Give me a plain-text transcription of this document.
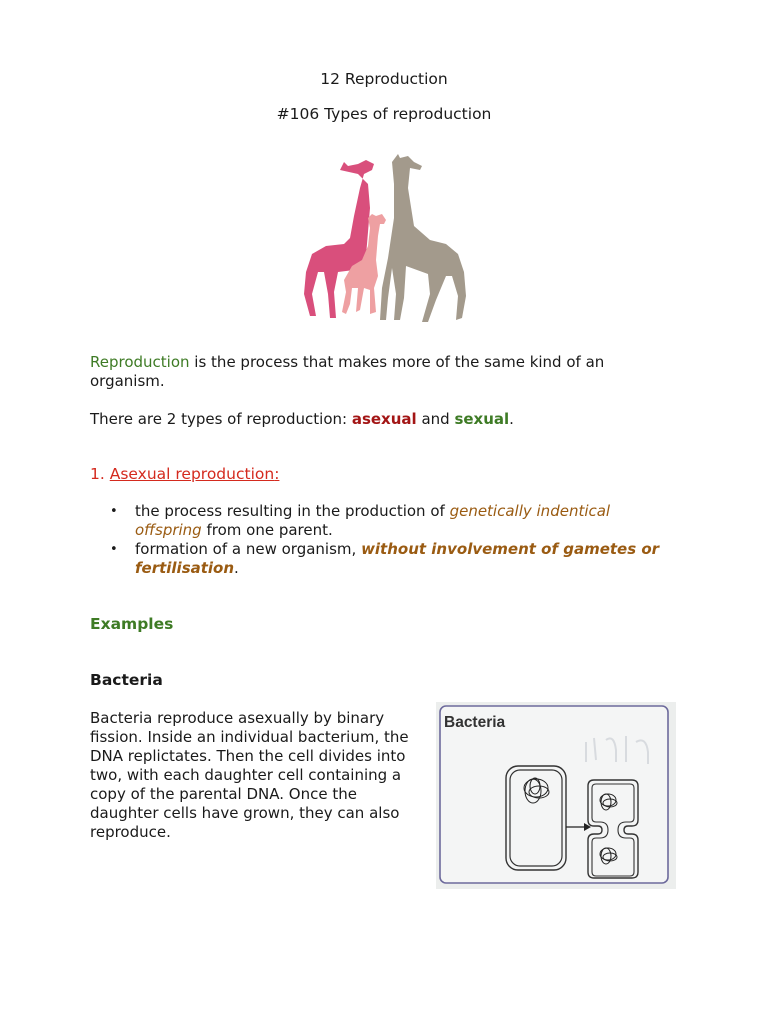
12 Reproduction
#106 Types of reproduction

Reproduction is the process that makes more of the same kind of an organism.

There are 2 types of reproduction: asexual and sexual.

1. Asexual reproduction:
• the process resulting in the production of genetically indentical offspring from one parent.
• formation of a new organism, without involvement of gametes or fertilisation.
Examples
Bacteria

Bacteria reproduce asexually by binary fission. Inside an individual bacterium, the DNA replictates. Then the cell divides into two, with each daughter cell containing a copy of the parental DNA. Once the daughter cells have grown, they can also reproduce.

Bacteria
